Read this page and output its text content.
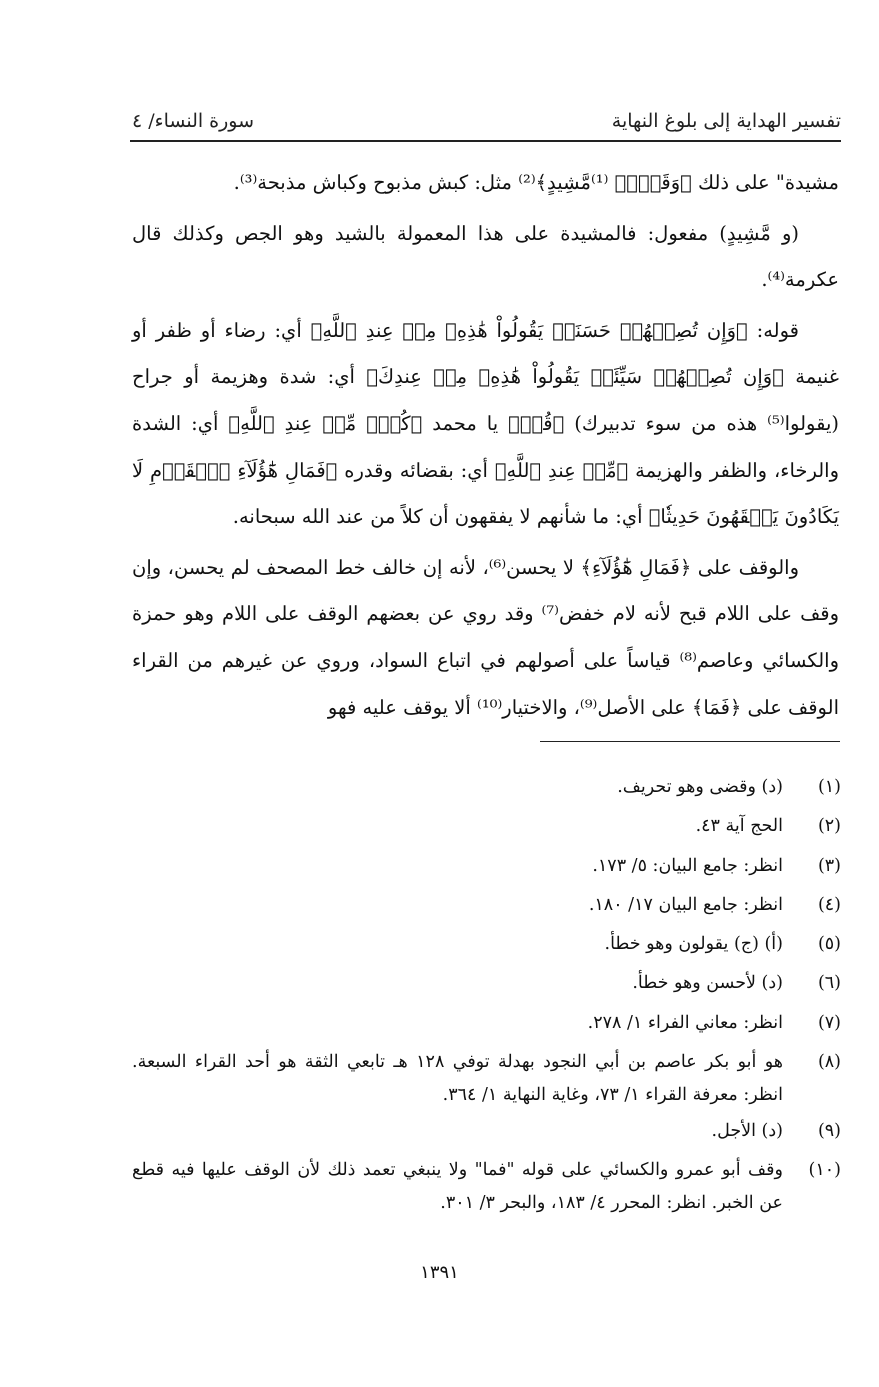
تفسير الهداية إلى بلوغ النهاية
سورة النساء/ ٤

مشيدة" على ذلك ﴿وَقَصۡرٖ ⁽¹⁾مَّشِيدٍ﴾⁽²⁾ مثل: كبش مذبوح وكباش مذبحة⁽³⁾.

(و مَّشِيدٍ) مفعول: فالمشيدة على هذا المعمولة بالشيد وهو الجص وكذلك قال عكرمة⁽⁴⁾.

قوله: ﴿وَإِن تُصِبۡهُمۡ حَسَنَةٞ يَقُولُواْ هَٰذِهِۦ مِنۡ عِندِ ٱللَّهِ﴾ أي: رضاء أو ظفر أو غنيمة ﴿وَإِن تُصِبۡهُمۡ سَيِّئَةٞ يَقُولُواْ هَٰذِهِۦ مِنۡ عِندِكَ﴾ أي: شدة وهزيمة أو جراح (يقولوا⁽⁵⁾ هذه من سوء تدبيرك) ﴿قُلۡ﴾ يا محمد ﴿كُلّٞ مِّنۡ عِندِ ٱللَّهِ﴾ أي: الشدة والرخاء، والظفر والهزيمة ﴿مِّنۡ عِندِ ٱللَّهِ﴾ أي: بقضائه وقدره ﴿فَمَالِ هَٰٓؤُلَآءِ ٱلۡقَوۡمِ لَا يَكَادُونَ يَفۡقَهُونَ حَدِيثٗا﴾ أي: ما شأنهم لا يفقهون أن كلاً من عند الله سبحانه.

والوقف على ﴿فَمَالِ هَٰٓؤُلَآءِ﴾ لا يحسن⁽⁶⁾، لأنه إن خالف خط المصحف لم يحسن، وإن وقف على اللام قبح لأنه لام خفض⁽⁷⁾ وقد روي عن بعضهم الوقف على اللام وهو حمزة والكسائي وعاصم⁽⁸⁾ قياساً على أصولهم في اتباع السواد، وروي عن غيرهم من القراء الوقف على ﴿فَمَا﴾ على الأصل⁽⁹⁾، والاختيار⁽¹⁰⁾ ألا يوقف عليه فهو

(١)
(د) وقضى وهو تحريف.
(٢)
الحج آية ٤٣.
(٣)
انظر: جامع البيان: ٥/ ١٧٣.
(٤)
انظر: جامع البيان ١٧/ ١٨٠.
(٥)
(أ) (ج) يقولون وهو خطأ.
(٦)
(د) لأحسن وهو خطأ.
(٧)
انظر: معاني الفراء ١/ ٢٧٨.
(٨)
هو أبو بكر عاصم بن أبي النجود بهدلة توفي ١٢٨ هـ تابعي الثقة هو أحد القراء السبعة. انظر: معرفة القراء ١/ ٧٣، وغاية النهاية ١/ ٣٦٤.
(٩)
(د) الأجل.
(١٠)
وقف أبو عمرو والكسائي على قوله "فما" ولا ينبغي تعمد ذلك لأن الوقف عليها فيه قطع عن الخبر. انظر: المحرر ٤/ ١٨٣، والبحر ٣/ ٣٠١.
١٣٩١
